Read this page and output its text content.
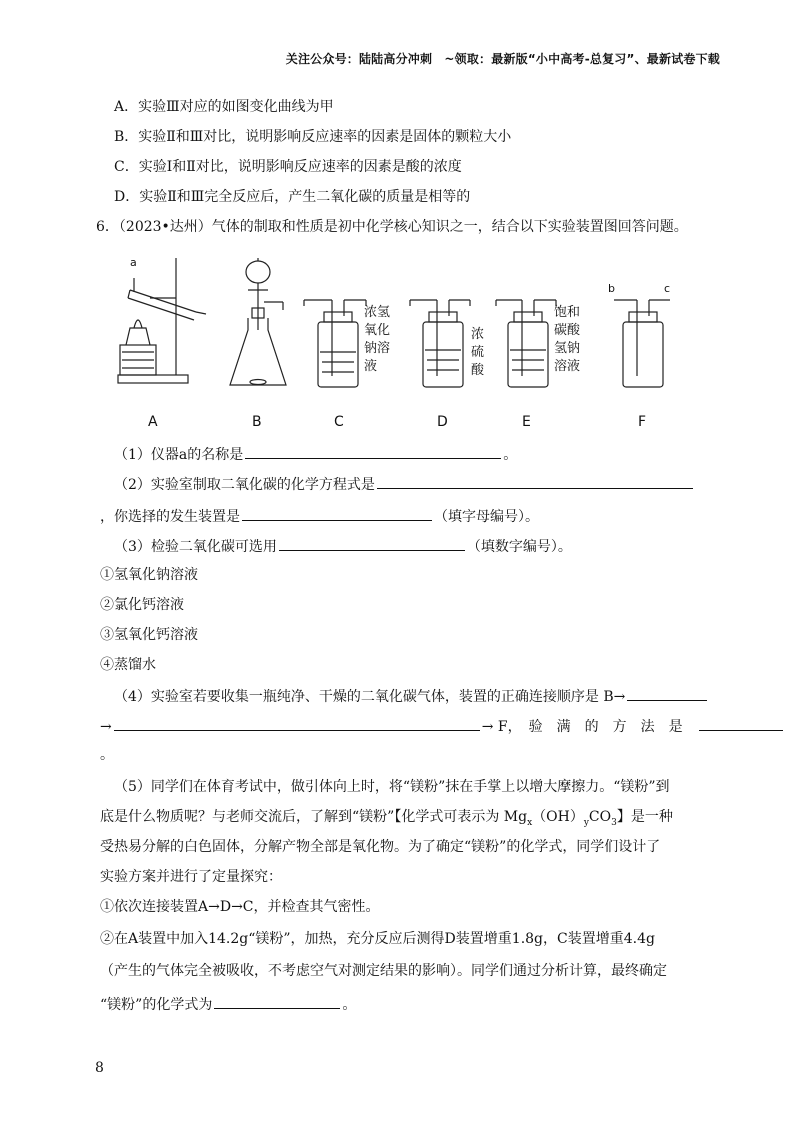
关注公众号：陆陆高分冲刺　~领取：最新版“小中高考-总复习”、最新试卷下载
A．实验Ⅲ对应的如图变化曲线为甲
B．实验Ⅱ和Ⅲ对比，说明影响反应速率的因素是固体的颗粒大小
C．实验Ⅰ和Ⅱ对比，说明影响反应速率的因素是酸的浓度
D．实验Ⅱ和Ⅲ完全反应后，产生二氧化碳的质量是相等的
6．（2023•达州）气体的制取和性质是初中化学核心知识之一，结合以下实验装置图回答问题。
a
b	c
浓氢
氧化
钠溶
液
浓
硫
酸
饱和
碳酸
氢钠
溶液
A	B	C	D	E	F
（1）仪器a的名称是	。
（2）实验室制取二氧化碳的化学方程式是
，你选择的发生装置是	（填字母编号）。
（3）检验二氧化碳可选用	（填数字编号）。
①氢氧化钠溶液
②氯化钙溶液
③氢氧化钙溶液
④蒸馏水
（4）实验室若要收集一瓶纯净、干燥的二氧化碳气体，装置的正确连接顺序是 B→
→	→ F，　验　满　的　方　法　是
。
（5）同学们在体育考试中，做引体向上时，将“镁粉”抹在手掌上以增大摩擦力。“镁粉”到
底是什么物质呢？与老师交流后，了解到“镁粉”【化学式可表示为 $Mg_x(OH)_yCO_3$】是一种
受热易分解的白色固体，分解产物全部是氧化物。为了确定“镁粉”的化学式，同学们设计了
实验方案并进行了定量探究：
①依次连接装置A→D→C，并检查其气密性。
②在A装置中加入14.2g“镁粉”，加热，充分反应后测得D装置增重1.8g，C装置增重4.4g
（产生的气体完全被吸收，不考虑空气对测定结果的影响）。同学们通过分析计算，最终确定
“镁粉”的化学式为	。
8
